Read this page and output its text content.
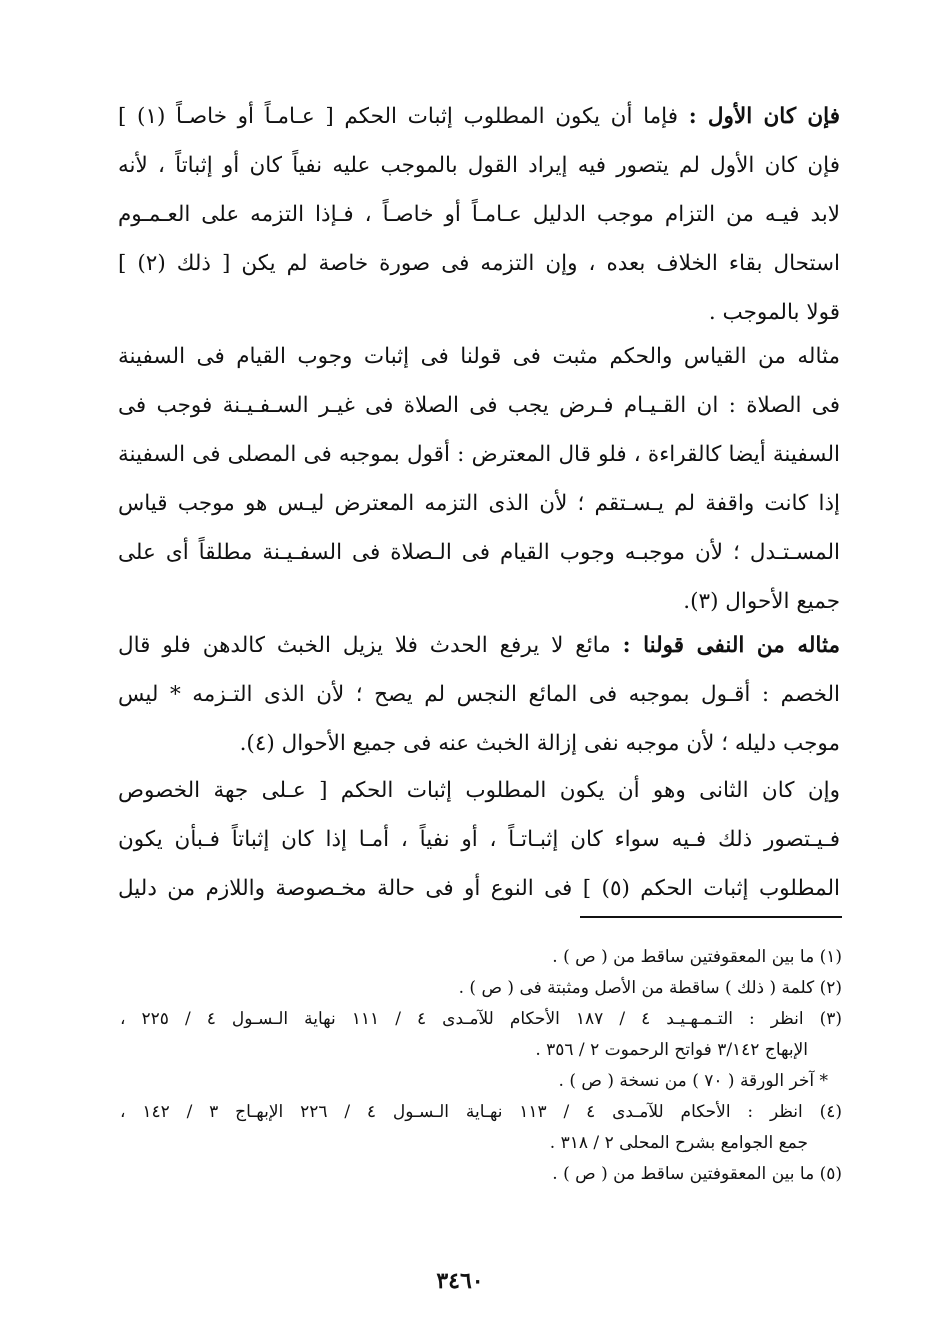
فإن كان الأول : فإما أن يكون المطلوب إثبات الحكم [ عـامـاً أو خاصـاً (١) ]
فإن كان الأول لم يتصور فيه إيراد القول بالموجب عليه نفياً كان أو إثباتاً ، لأنه
لابد فيـه من التزام موجب الدليل عـامـاً أو خاصـاً ، فـإذا التزمه على العـمـوم
استحال بقاء الخلاف بعده ، وإن التزمه فى صورة خاصة لم يكن [ ذلك (٢) ]
قولا بالموجب .

مثاله من القياس والحكم مثبت فى قولنا فى إثبات وجوب القيام فى السفينة
فى الصلاة : ان القـيـام فـرض يجب فى الصلاة فى غيـر السـفـيـنة فوجب فى
السفينة أيضا كالقراءة ، فلو قال المعترض : أقول بموجبه فى المصلى فى السفينة
إذا كانت واقفة لم يـسـتقم ؛ لأن الذى التزمه المعترض ليـس هو موجب قياس
المسـتـدل ؛ لأن موجبـه وجوب القيام فى الـصلاة فى السفـيـنة مطلقاً أى على
جميع الأحوال (٣).

مثاله من النفى قولنا : مائع لا يرفع الحدث فلا يزيل الخبث كالدهن فلو قال
الخصم : أقـول بموجبه فى المائع النجس لم يصح ؛ لأن الذى التـزمه * ليس
موجب دليله ؛ لأن موجبه نفى إزالة الخبث عنه فى جميع الأحوال (٤).

وإن كان الثانى وهو أن يكون المطلوب إثبات الحكم [ عـلى جهة الخصوص
فـيـتصور ذلك فـيه سواء كان إثبـاتـاً ، أو نفياً ، أمـا إذا كان إثباتاً فـبأن يكون
المطلوب إثبات الحكم (٥) ] فى النوع أو فى حالة مخـصوصة واللازم من دليل

(١) ما بين المعقوفتين ساقط من ( ص ) .
(٢) كلمة ( ذلك ) ساقطة من الأصل ومثبتة فى ( ص ) .
(٣) انظر : التـمـهـيـد ٤ / ١٨٧ الأحكام للآمـدى ٤ / ١١١ نهاية الـسـول ٤ / ٢٢٥ ،
الإبهاج ٣/١٤٢ فواتح الرحموت ٢ / ٣٥٦ .
* آخر الورقة ( ٧٠ ) من نسخة ( ص ) .
(٤) انظر : الأحكام للآمـدى ٤ / ١١٣ نهـاية الـسـول ٤ / ٢٢٦ الإبهـاج ٣ / ١٤٢ ،
جمع الجوامع بشرح المحلى ٢ / ٣١٨ .
(٥) ما بين المعقوفتين ساقط من ( ص ) .
٣٤٦٠
